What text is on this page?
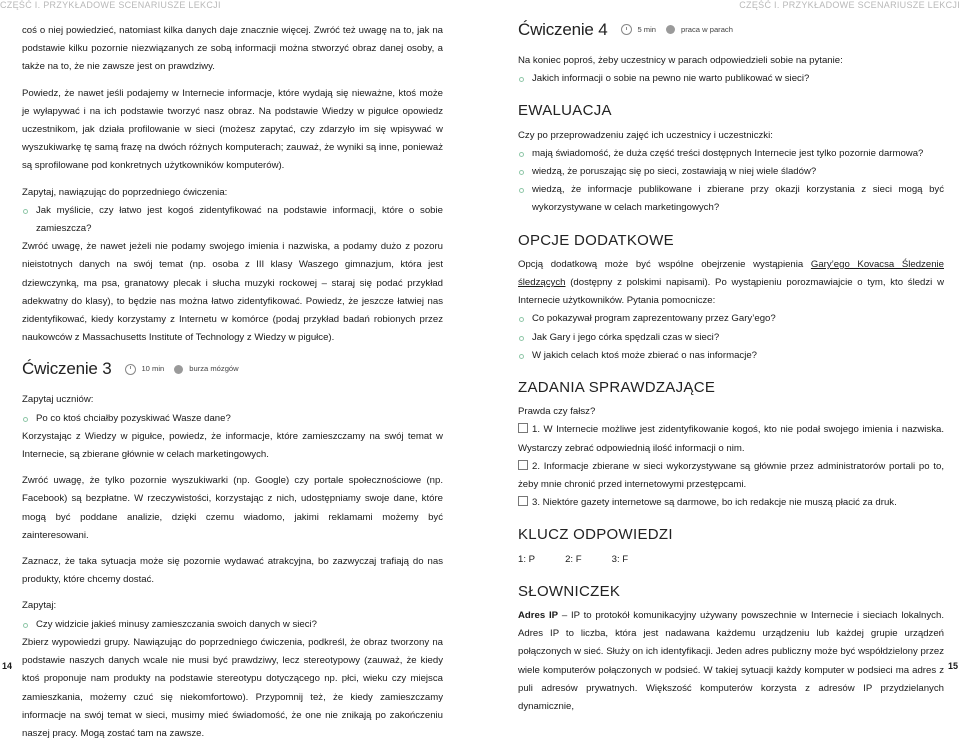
CZĘŚĆ I. PRZYKŁADOWE SCENARIUSZE LEKCJI

coś o niej powiedzieć, natomiast kilka danych daje znacznie więcej. Zwróć też uwagę na to, jak na podstawie kilku pozornie niezwiązanych ze sobą informacji można stworzyć obraz danej osoby, a także na to, że nie zawsze jest on prawdziwy.

Powiedz, że nawet jeśli podajemy w Internecie informacje, które wydają się nieważne, ktoś może je wyłapywać i na ich podstawie tworzyć nasz obraz. Na podstawie Wiedzy w pigułce opowiedz uczestnikom, jak działa profilowanie w sieci (możesz zapytać, czy zdarzyło im się wpisywać w wyszukiwarkę tę samą frazę na dwóch różnych komputerach; zauważ, że wyniki są inne, ponieważ są sprofilowane pod konkretnych użytkowników komputerów).

Zapytaj, nawiązując do poprzedniego ćwiczenia:

Jak myślicie, czy łatwo jest kogoś zidentyfikować na podstawie informacji, które o sobie zamieszcza?

Zwróć uwagę, że nawet jeżeli nie podamy swojego imienia i nazwiska, a podamy dużo z pozoru nieistotnych danych na swój temat (np. osoba z III klasy Waszego gimnazjum, która jest dziewczynką, ma psa, granatowy plecak i słucha muzyki rockowej – staraj się podać przykład adekwatny do klasy), to będzie nas można łatwo zidentyfikować. Powiedz, że jeszcze łatwiej nas zidentyfikować, kiedy korzystamy z Internetu w komórce (podaj przykład badań robionych przez naukowców z Massachusetts Institute of Technology z Wiedzy w pigułce).

Ćwiczenie 3	10 min	burza mózgów

Zapytaj uczniów:

Po co ktoś chciałby pozyskiwać Wasze dane?

Korzystając z Wiedzy w pigułce, powiedz, że informacje, które zamieszczamy na swój temat w Internecie, są zbierane głównie w celach marketingowych.

Zwróć uwagę, że tylko pozornie wyszukiwarki (np. Google) czy portale społecznościowe (np. Facebook) są bezpłatne. W rzeczywistości, korzystając z nich, udostępniamy swoje dane, które mogą być poddane analizie, dzięki czemu wiadomo, jakimi reklamami możemy być zainteresowani.

Zaznacz, że taka sytuacja może się pozornie wydawać atrakcyjna, bo zazwyczaj trafiają do nas produkty, które chcemy dostać.

Zapytaj:

Czy widzicie jakieś minusy zamieszczania swoich danych w sieci?

Zbierz wypowiedzi grupy. Nawiązując do poprzedniego ćwiczenia, podkreśl, że obraz tworzony na podstawie naszych danych wcale nie musi być prawdziwy, lecz stereotypowy (zauważ, że kiedy ktoś proponuje nam produkty na podstawie stereotypu dotyczącego np. płci, wieku czy miejsca zamieszkania, możemy czuć się niekomfortowo). Przypomnij też, że kiedy zamieszczamy informacje na swój temat w sieci, musimy mieć świadomość, że one nie znikają po zakończeniu naszej pracy. Mogą zostać tam na zawsze.

14
CZĘŚĆ I. PRZYKŁADOWE SCENARIUSZE LEKCJI
Ćwiczenie 4	5 min	praca w parach

Na koniec poproś, żeby uczestnicy w parach odpowiedzieli sobie na pytanie:

Jakich informacji o sobie na pewno nie warto publikować w sieci?

EWALUACJA

Czy po przeprowadzeniu zajęć ich uczestnicy i uczestniczki:

mają świadomość, że duża część treści dostępnych Internecie jest tylko pozornie darmowa?

wiedzą, że poruszając się po sieci, zostawiają w niej wiele śladów?

wiedzą, że informacje publikowane i zbierane przy okazji korzystania z sieci mogą być wykorzystywane w celach marketingowych?

OPCJE DODATKOWE

Opcją dodatkową może być wspólne obejrzenie wystąpienia Gary’ego Kovacsa Śledzenie śledzących (dostępny z polskimi napisami). Po wystąpieniu porozmawiajcie o tym, kto śledzi w Internecie użytkowników. Pytania pomocnicze:

Co pokazywał program zaprezentowany przez Gary’ego?

Jak Gary i jego córka spędzali czas w sieci?

W jakich celach ktoś może zbierać o nas informacje?

ZADANIA SPRAWDZAJĄCE

Prawda czy fałsz?

1. W Internecie możliwe jest zidentyfikowanie kogoś, kto nie podał swojego imienia i nazwiska. Wystarczy zebrać odpowiednią ilość informacji o nim.

2. Informacje zbierane w sieci wykorzystywane są głównie przez administratorów portali po to, żeby mnie chronić przed internetowymi przestępcami.

3. Niektóre gazety internetowe są darmowe, bo ich redakcje nie muszą płacić za druk.

KLUCZ ODPOWIEDZI

1: P	2: F	3: F

SŁOWNICZEK

Adres IP – IP to protokół komunikacyjny używany powszechnie w Internecie i sieciach lokalnych. Adres IP to liczba, która jest nadawana każdemu urządzeniu lub każdej grupie urządzeń połączonych w sieć. Służy on ich identyfikacji. Jeden adres publiczny może być współdzielony przez wiele komputerów połączonych w podsieć. W takiej sytuacji każdy komputer w podsieci ma adres z puli adresów prywatnych. Większość komputerów korzysta z adresów IP przydzielanych dynamicznie,

15
